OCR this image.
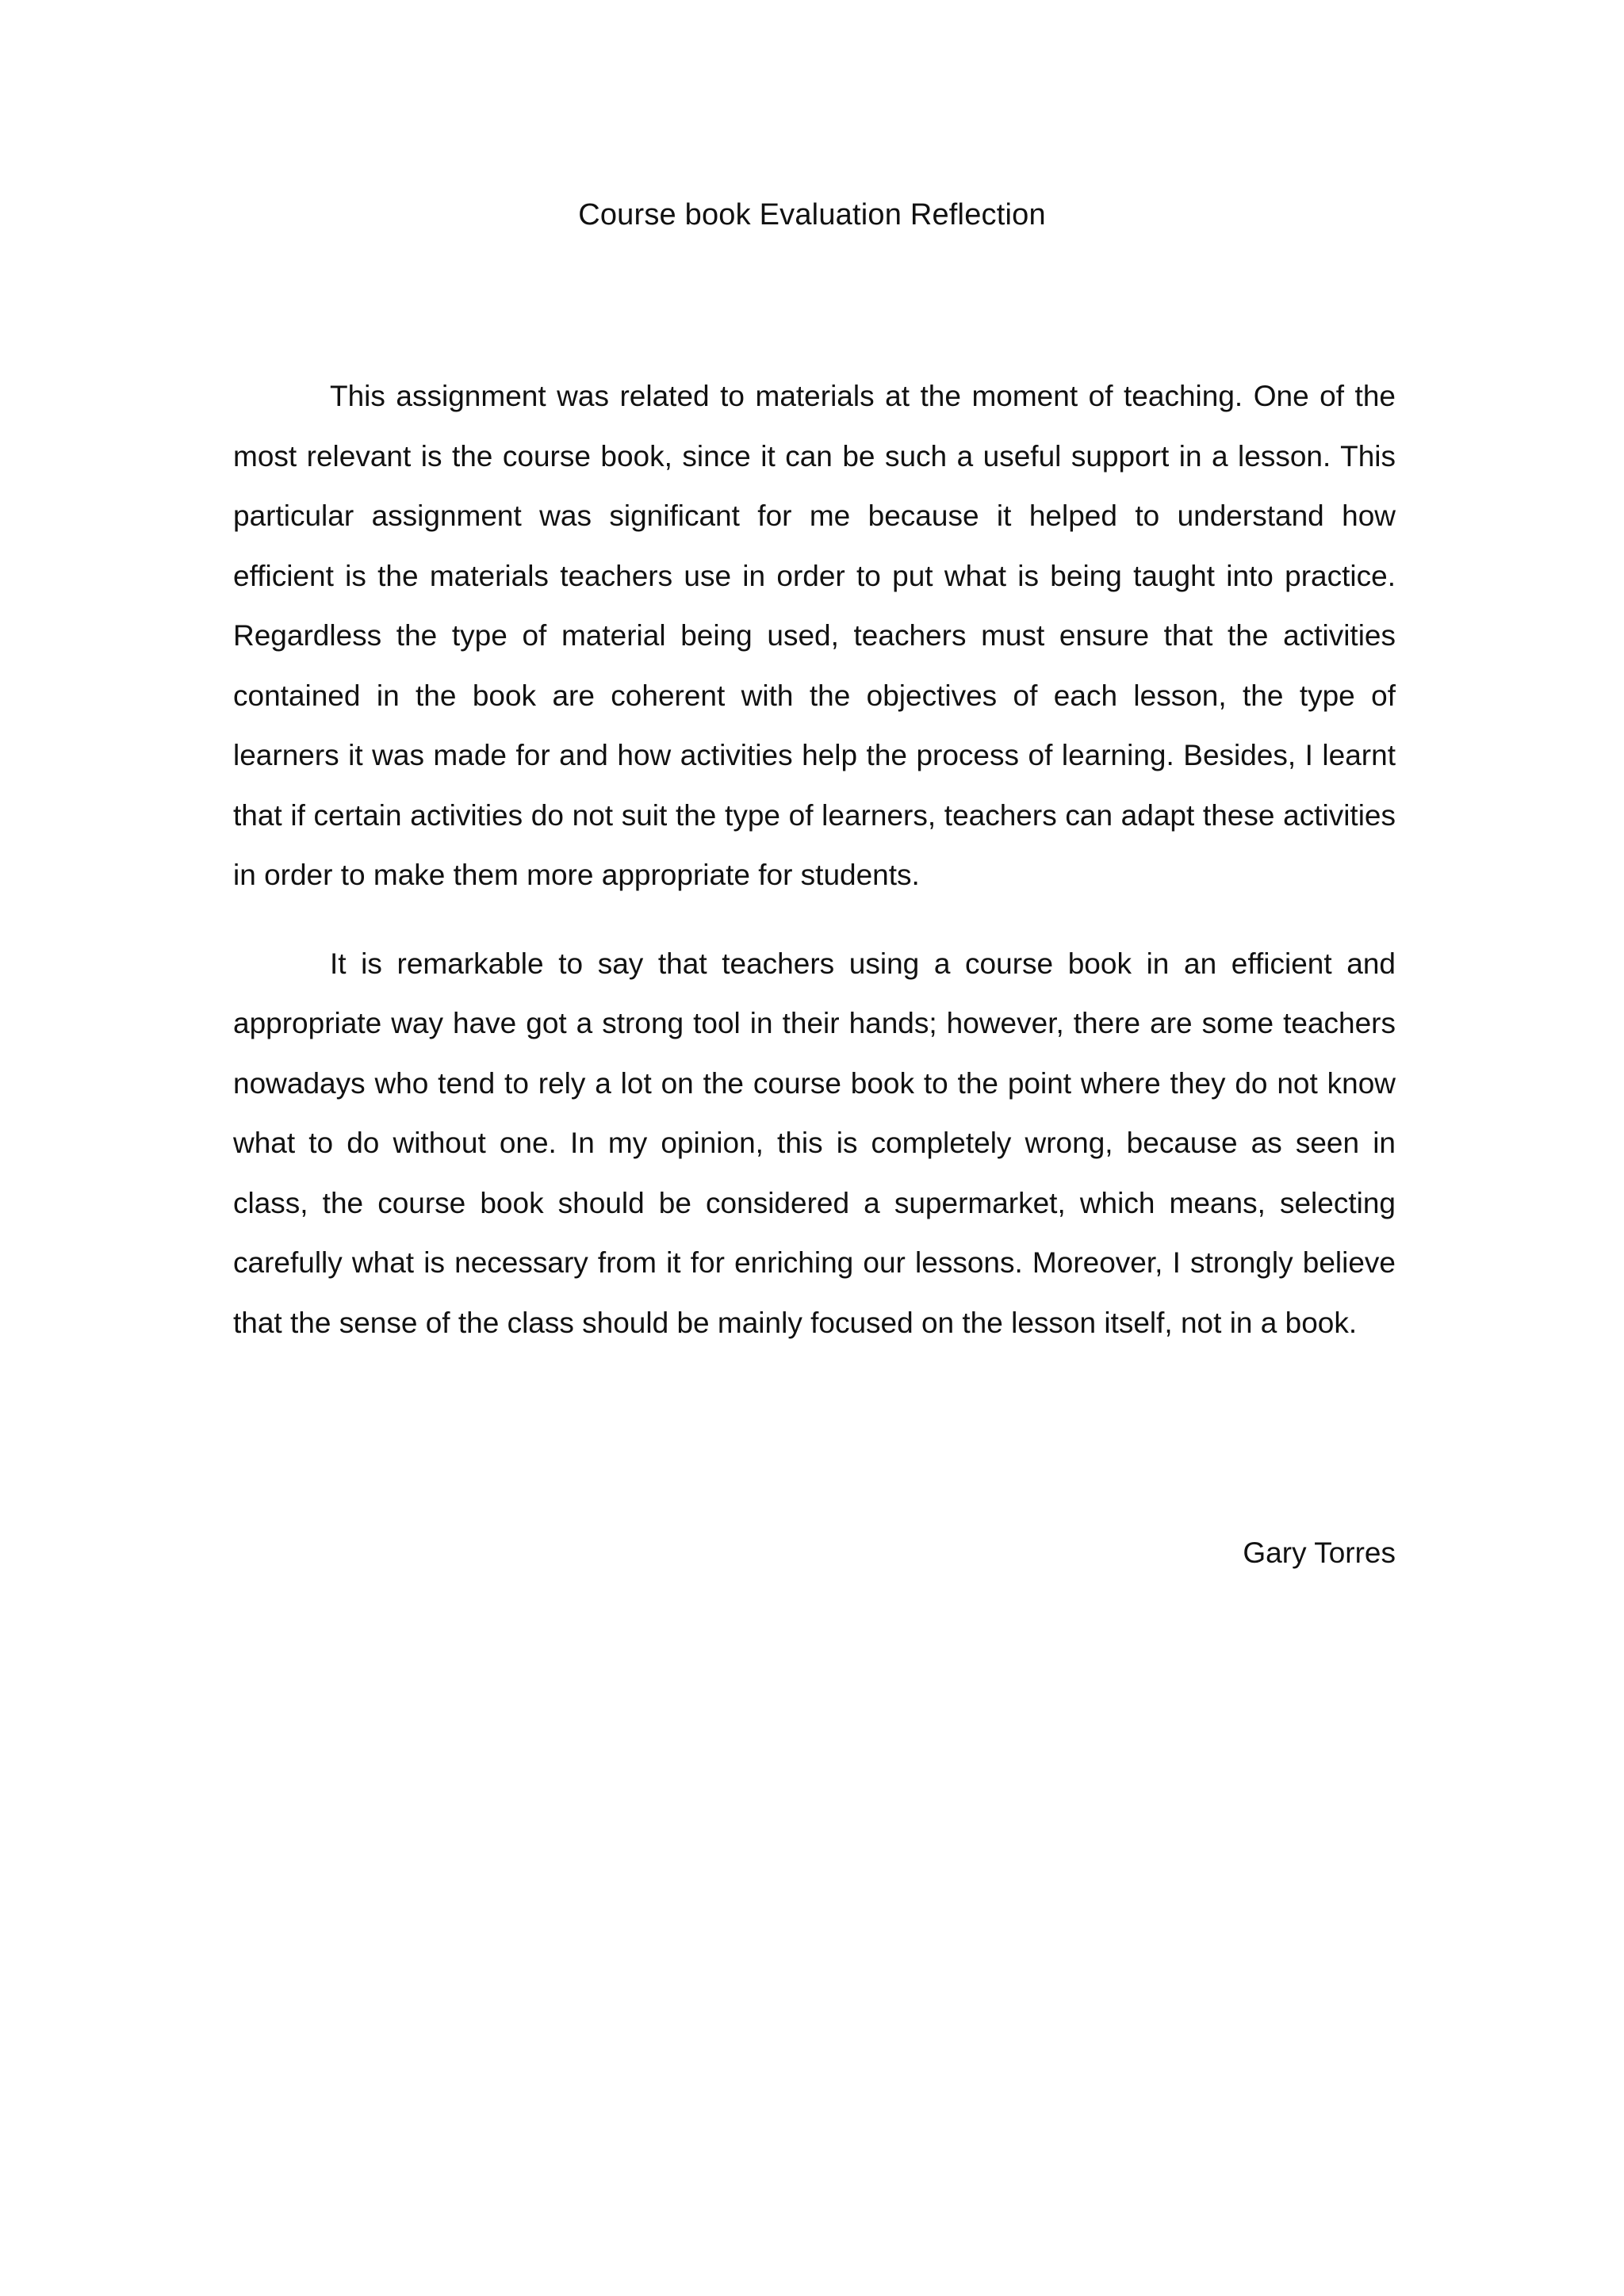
Course book Evaluation Reflection

This assignment was related to materials at the moment of teaching. One of the most relevant is the course book, since it can be such a useful support in a lesson. This particular assignment was significant for me because it helped to understand how efficient is the materials teachers use in order to put what is being taught into practice. Regardless the type of material being used, teachers must ensure that the activities contained in the book are coherent with the objectives of each lesson, the type of learners it was made for and how activities help the process of learning. Besides, I learnt that if certain activities do not suit the type of learners, teachers can adapt these activities in order to make them more appropriate for students.

It is remarkable to say that teachers using a course book in an efficient and appropriate way have got a strong tool in their hands; however, there are some teachers nowadays who tend to rely a lot on the course book to the point where they do not know what to do without one. In my opinion, this is completely wrong, because as seen in class, the course book should be considered a supermarket, which means, selecting carefully what is necessary from it for enriching our lessons. Moreover, I strongly believe that the sense of the class should be mainly focused on the lesson itself, not in a book.

Gary Torres
